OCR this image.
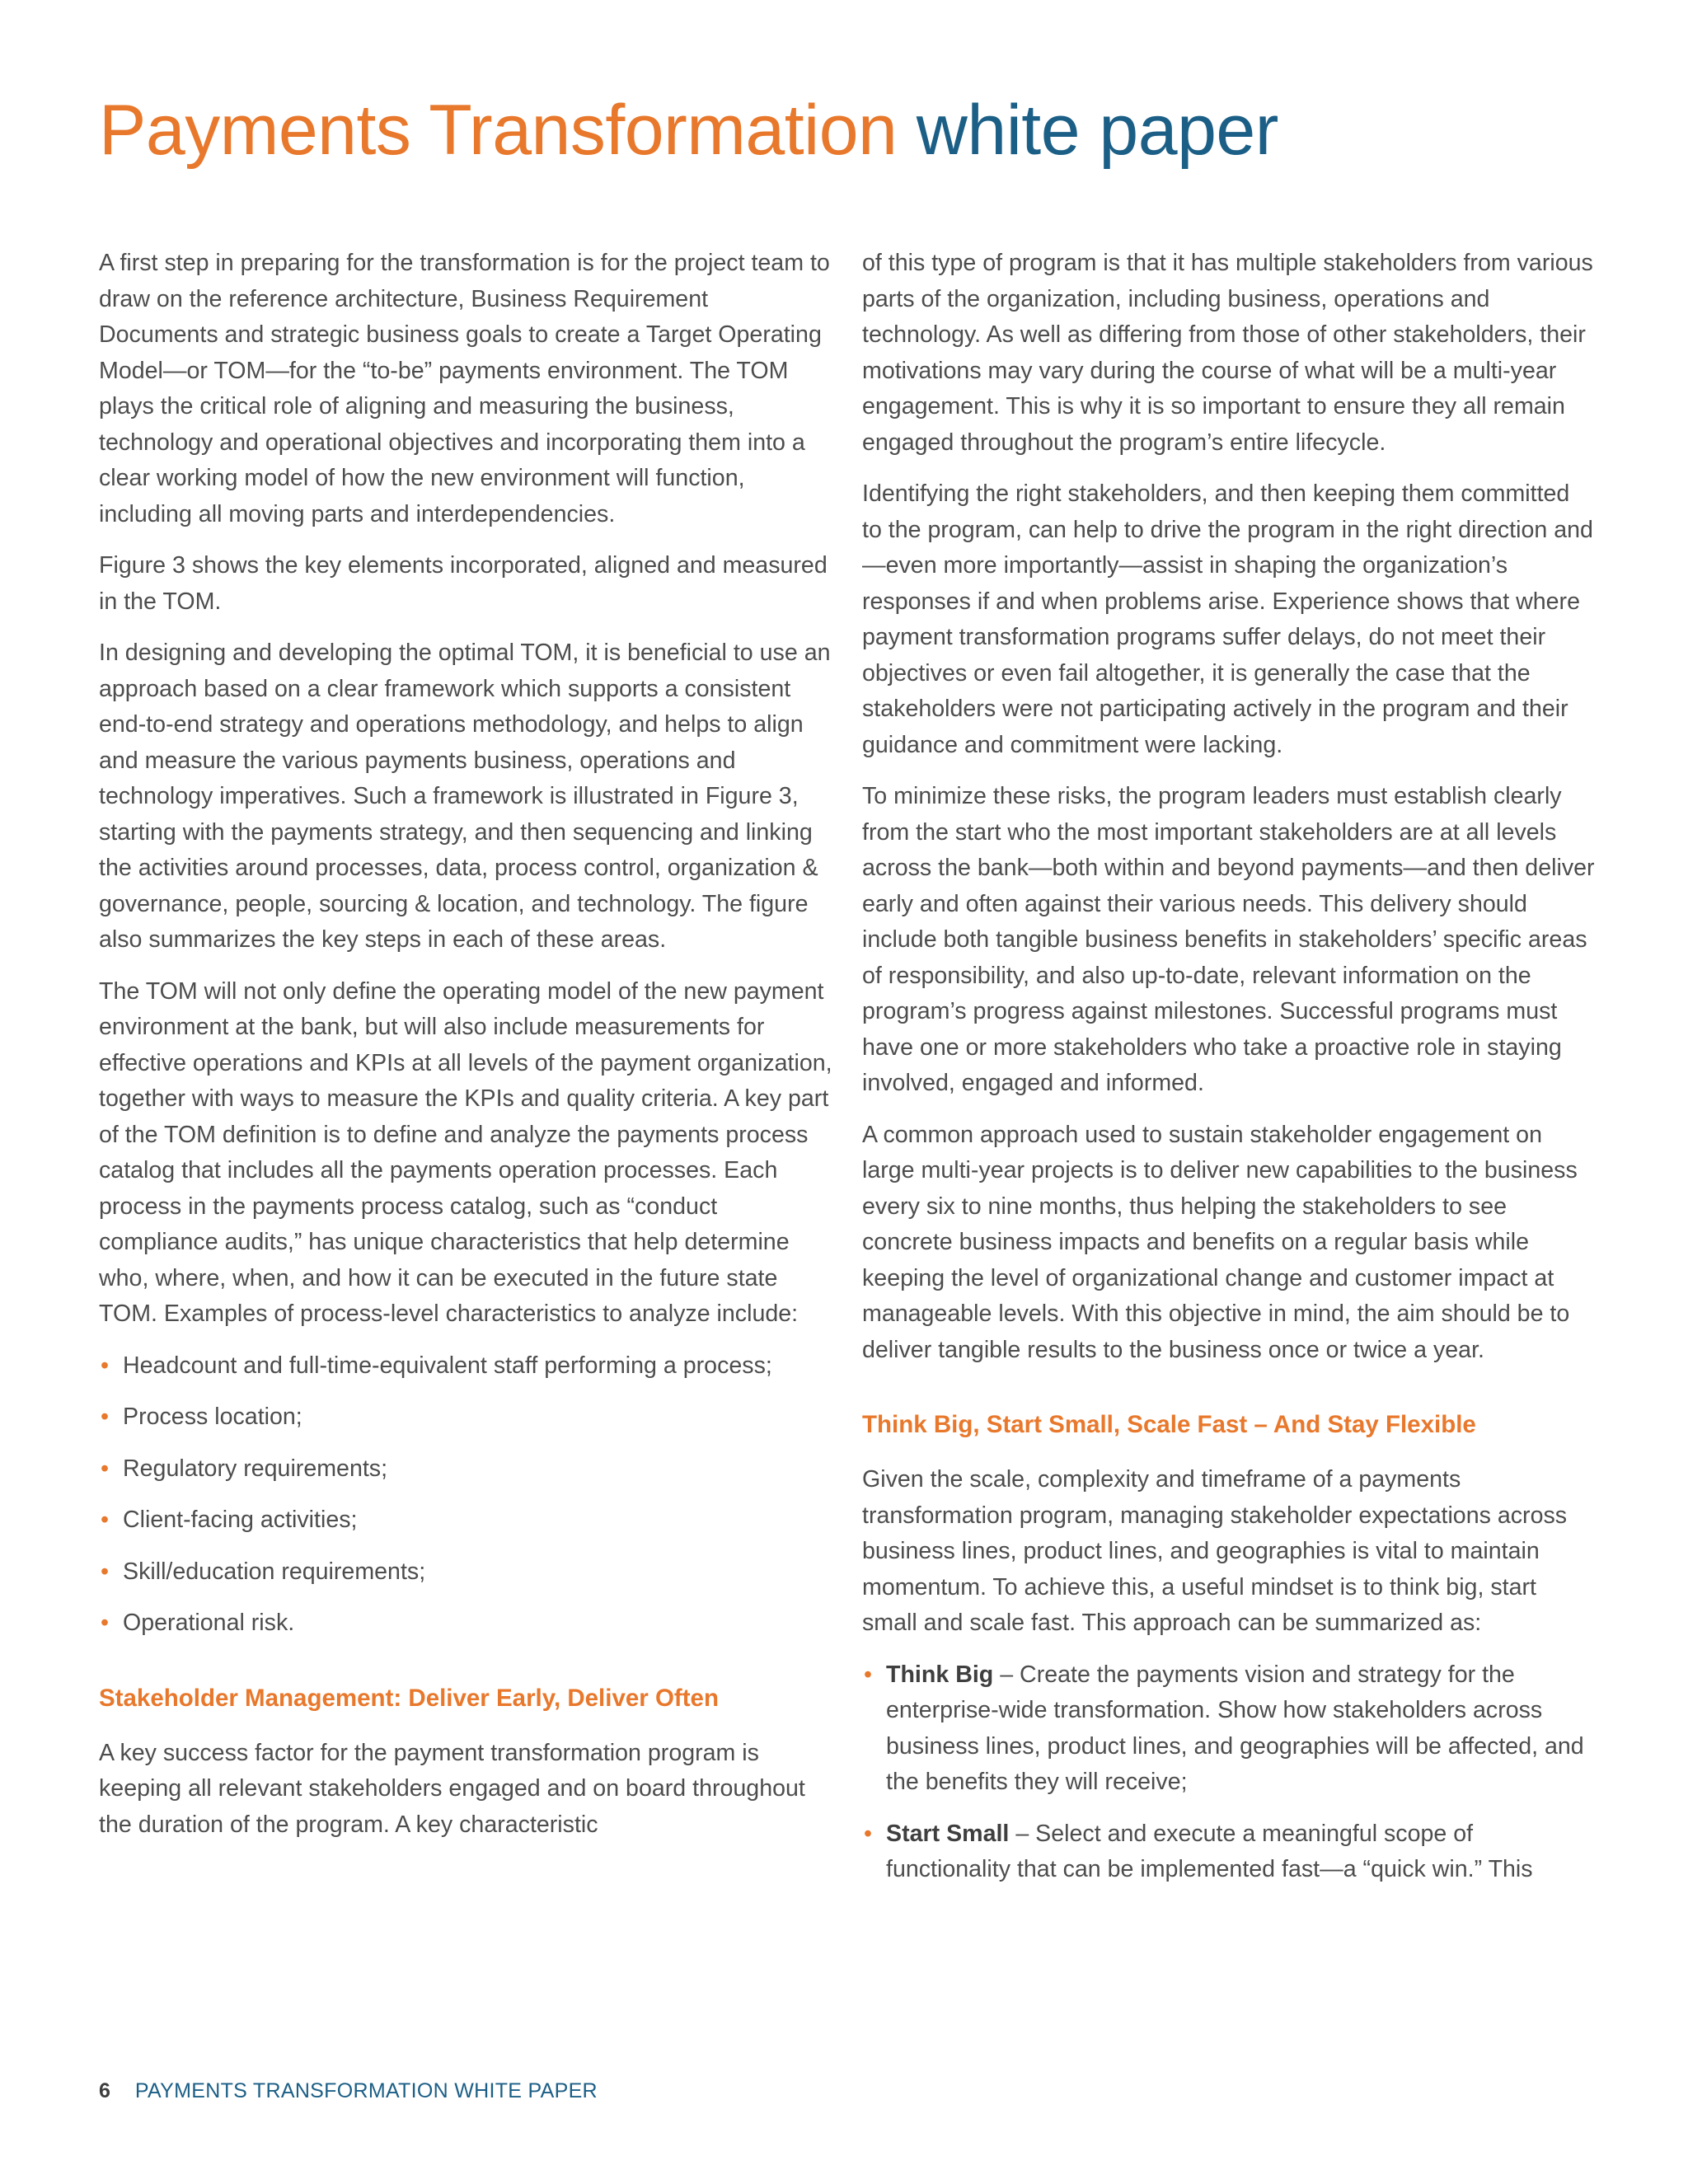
Payments Transformation white paper

A first step in preparing for the transformation is for the project team to draw on the reference architecture, Business Requirement Documents and strategic business goals to create a Target Operating Model—or TOM—for the “to-be” payments environment. The TOM plays the critical role of aligning and measuring the business, technology and operational objectives and incorporating them into a clear working model of how the new environment will function, including all moving parts and interdependencies.

Figure 3 shows the key elements incorporated, aligned and measured in the TOM.

In designing and developing the optimal TOM, it is beneficial to use an approach based on a clear framework which supports a consistent end-to-end strategy and operations methodology, and helps to align and measure the various payments business, operations and technology imperatives. Such a framework is illustrated in Figure 3, starting with the payments strategy, and then sequencing and linking the activities around processes, data, process control, organization & governance, people, sourcing & location, and technology. The figure also summarizes the key steps in each of these areas.

The TOM will not only define the operating model of the new payment environment at the bank, but will also include measurements for effective operations and KPIs at all levels of the payment organization, together with ways to measure the KPIs and quality criteria. A key part of the TOM definition is to define and analyze the payments process catalog that includes all the payments operation processes. Each process in the payments process catalog, such as “conduct compliance audits,” has unique characteristics that help determine who, where, when, and how it can be executed in the future state TOM. Examples of process-level characteristics to analyze include:

• Headcount and full-time-equivalent staff performing a process;
• Process location;
• Regulatory requirements;
• Client-facing activities;
• Skill/education requirements;
• Operational risk.
Stakeholder Management: Deliver Early, Deliver Often

A key success factor for the payment transformation program is keeping all relevant stakeholders engaged and on board throughout the duration of the program. A key characteristic

of this type of program is that it has multiple stakeholders from various parts of the organization, including business, operations and technology. As well as differing from those of other stakeholders, their motivations may vary during the course of what will be a multi-year engagement. This is why it is so important to ensure they all remain engaged throughout the program’s entire lifecycle.

Identifying the right stakeholders, and then keeping them committed to the program, can help to drive the program in the right direction and—even more importantly—assist in shaping the organization’s responses if and when problems arise. Experience shows that where payment transformation programs suffer delays, do not meet their objectives or even fail altogether, it is generally the case that the stakeholders were not participating actively in the program and their guidance and commitment were lacking.

To minimize these risks, the program leaders must establish clearly from the start who the most important stakeholders are at all levels across the bank—both within and beyond payments—and then deliver early and often against their various needs. This delivery should include both tangible business benefits in stakeholders’ specific areas of responsibility, and also up-to-date, relevant information on the program’s progress against milestones. Successful programs must have one or more stakeholders who take a proactive role in staying involved, engaged and informed.

A common approach used to sustain stakeholder engagement on large multi-year projects is to deliver new capabilities to the business every six to nine months, thus helping the stakeholders to see concrete business impacts and benefits on a regular basis while keeping the level of organizational change and customer impact at manageable levels. With this objective in mind, the aim should be to deliver tangible results to the business once or twice a year.

Think Big, Start Small, Scale Fast – And Stay Flexible

Given the scale, complexity and timeframe of a payments transformation program, managing stakeholder expectations across business lines, product lines, and geographies is vital to maintain momentum. To achieve this, a useful mindset is to think big, start small and scale fast. This approach can be summarized as:

• Think Big – Create the payments vision and strategy for the enterprise-wide transformation. Show how stakeholders across business lines, product lines, and geographies will be affected, and the benefits they will receive;
• Start Small – Select and execute a meaningful scope of functionality that can be implemented fast—a “quick win.” This
6 PAYMENTS TRANSFORMATION WHITE PAPER
